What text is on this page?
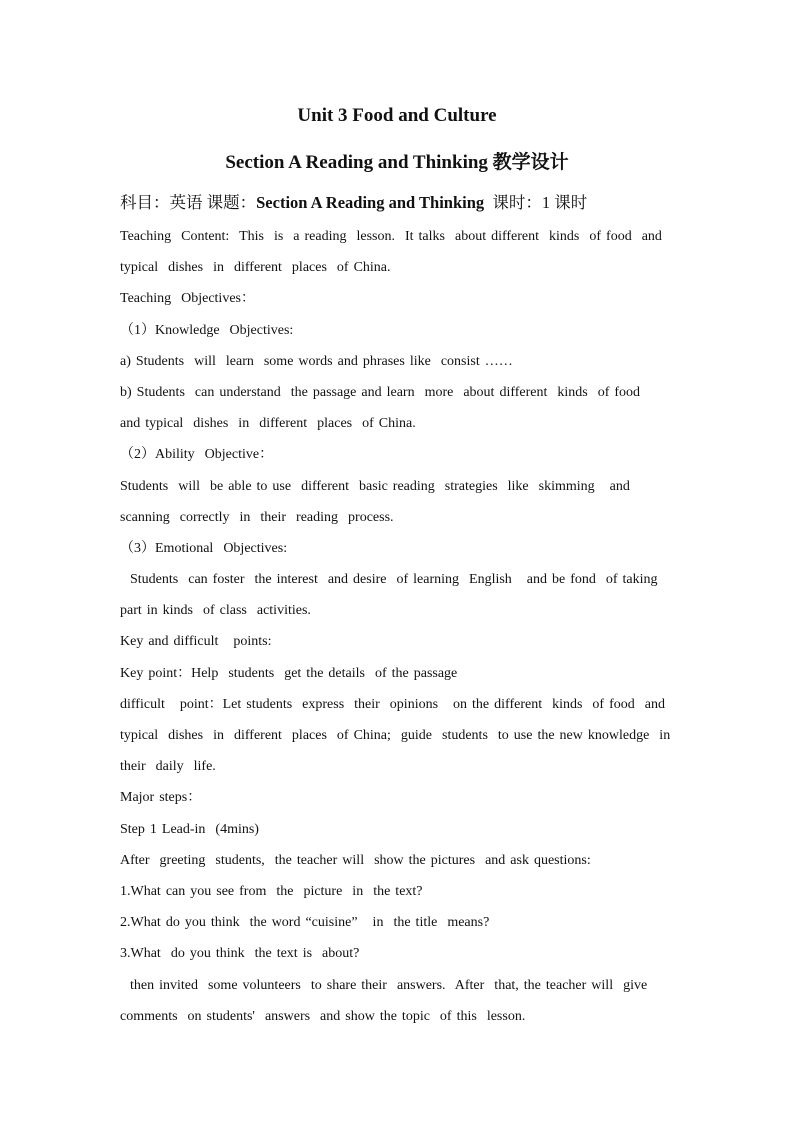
Unit 3 Food and Culture
Section A Reading and Thinking 教学设计
科目：英语 课题：Section A Reading and Thinking 课时：1 课时
Teaching  Content:  This  is  a reading  lesson.  It talks  about different  kinds  of food  and
typical  dishes  in  different  places  of China.
Teaching  Objectives：
（1）Knowledge  Objectives:
a) Students  will  learn  some words and phrases like  consist ……
b) Students  can understand  the passage and learn  more  about different  kinds  of food
and typical  dishes  in  different  places  of China.
（2）Ability  Objective：
Students  will  be able to use  different  basic reading  strategies  like  skimming   and
scanning  correctly  in  their  reading  process.
（3）Emotional  Objectives:
Students  can foster  the interest  and desire  of learning  English   and be fond  of taking
part in kinds  of class  activities.
Key and difficult   points:
Key point：Help  students  get the details  of the passage
difficult   point：Let students  express  their  opinions   on the different  kinds  of food  and
typical  dishes  in  different  places  of China;  guide  students  to use the new knowledge  in
their  daily  life.
Major steps：
Step 1 Lead-in  (4mins)
After  greeting  students,  the teacher will  show the pictures  and ask questions:
1.What can you see from  the  picture  in  the text?
2.What do you think  the word “cuisine”   in  the title  means?
3.What  do you think  the text is  about?
then invited  some volunteers  to share their  answers.  After  that, the teacher will  give
comments  on students'  answers  and show the topic  of this  lesson.
